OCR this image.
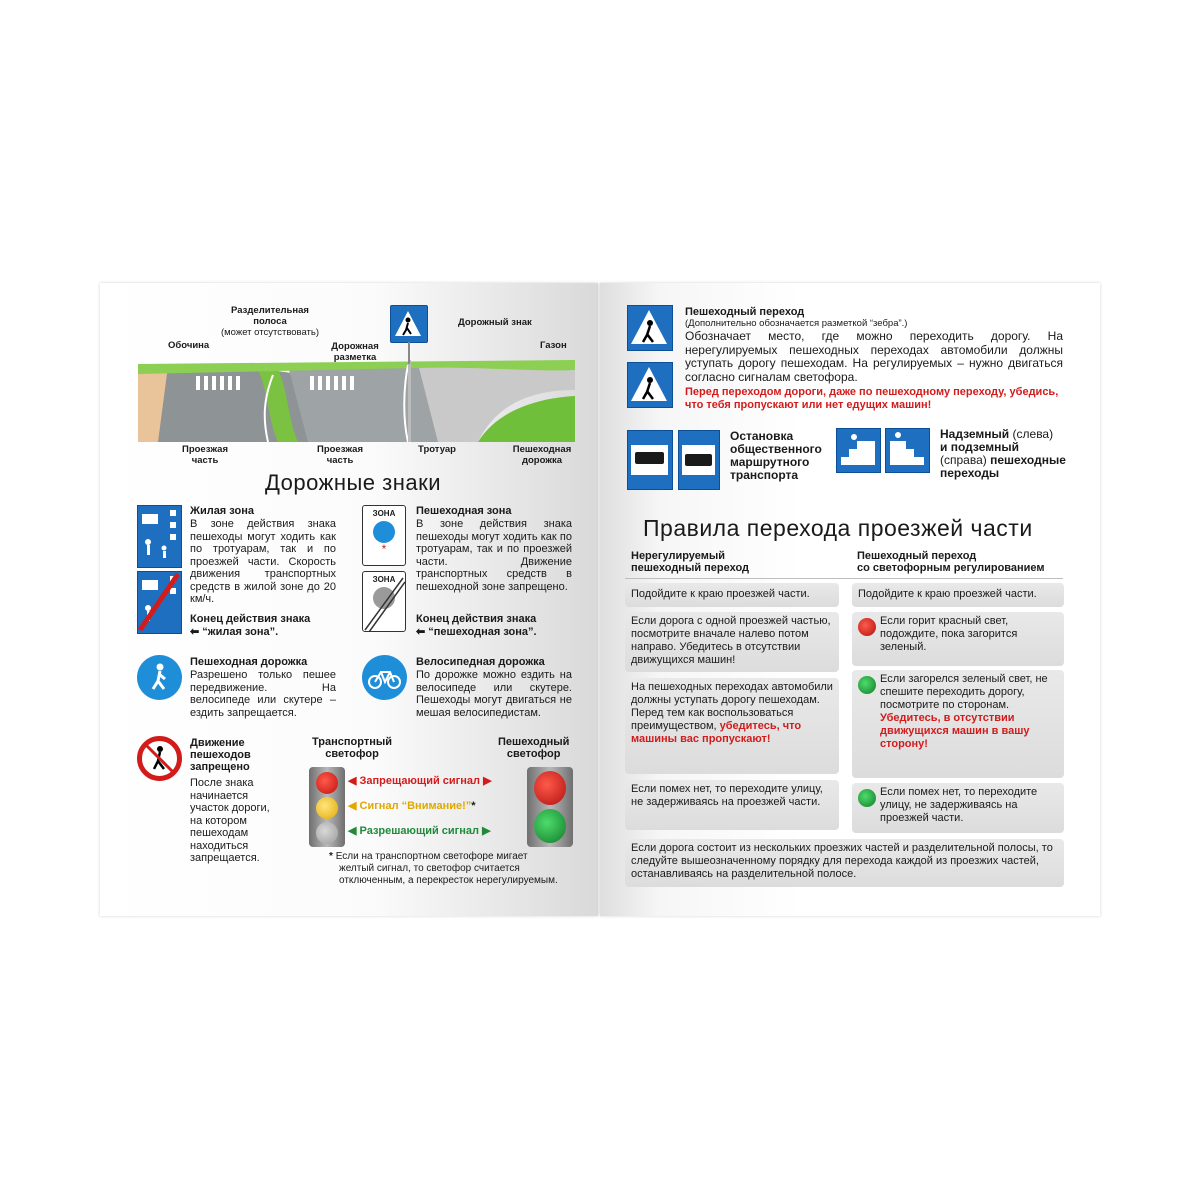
Разделительная
полоса
(может отсутствовать)
Дорожный знак
Обочина	Дорожная
разметка
Газон
Проезжая
часть
Проезжая
часть
Тротуар	Пешеходная
дорожка
Дорожные знаки
Жилая зона
В зоне действия знака пешеходы могут ходить как по тротуарам, так и по проезжей части. Скорость движения транспортных средств в жилой зоне до 20 км/ч.
Конец действия знака
⬅ “жилая зона”.
ЗОНА
*
ЗОНА
Пешеходная зона
В зоне действия знака пешеходы могут ходить как по тротуарам, так и по проезжей части. Движение транспортных средств в пешеходной зоне запрещено.
Конец действия знака
⬅ “пешеходная зона”.
Пешеходная дорожка
Разрешено только пешее передвижение. На велосипеде или скутере – ездить запрещается.
Велосипедная дорожка
По дорожке можно ездить на велосипеде или скутере. Пешеходы могут двигаться не мешая велосипедистам.
Движение
пешеходов
запрещено
После знака
начинается
участок дороги,
на котором
пешеходам
находиться
запрещается.
Транспортный
светофор
Пешеходный
светофор
◀ Запрещающий сигнал ▶
◀ Сигнал “Внимание!”*
◀ Разрешающий сигнал ▶
* Если на транспортном светофоре мигает
желтый сигнал, то светофор считается
отключенным, а перекресток нерегулируемым.
Пешеходный переход
(Дополнительно обозначается разметкой “зебра”.)
Обозначает место, где можно переходить дорогу. На нерегулируемых пешеходных переходах автомобили должны уступать дорогу пешеходам. На регулируемых – нужно двигаться согласно сигналам светофора.
Перед переходом дороги, даже по пешеходному переходу, убедись, что тебя пропускают или нет едущих машин!
Остановка
общественного
маршрутного
транспорта
Надземный (слева)
и подземный
(справа) пешеходные
переходы
Правила перехода проезжей части
Нерегулируемый
пешеходный переход
Пешеходный переход
со светофорным регулированием
Подойдите к краю проезжей части.
Если дорога с одной проезжей частью, посмотрите вначале налево потом направо. Убедитесь в отсутствии движущихся машин!
На пешеходных переходах автомобили должны уступать дорогу пешеходам. Перед тем как воспользоваться преимуществом, убедитесь, что машины вас пропускают!
Если помех нет, то переходите улицу, не задерживаясь на проезжей части.
Подойдите к краю проезжей части.
Если горит красный свет, подождите, пока загорится зеленый.
Если загорелся зеленый свет, не спешите переходить дорогу, посмотрите по сторонам.
Убедитесь, в отсутствии движущихся машин в вашу сторону!
Если помех нет, то переходите улицу, не задерживаясь на проезжей части.
Если дорога состоит из нескольких проезжих частей и разделительной полосы, то следуйте вышеозначенному порядку для перехода каждой из проезжих частей, останавливаясь на разделительной полосе.
